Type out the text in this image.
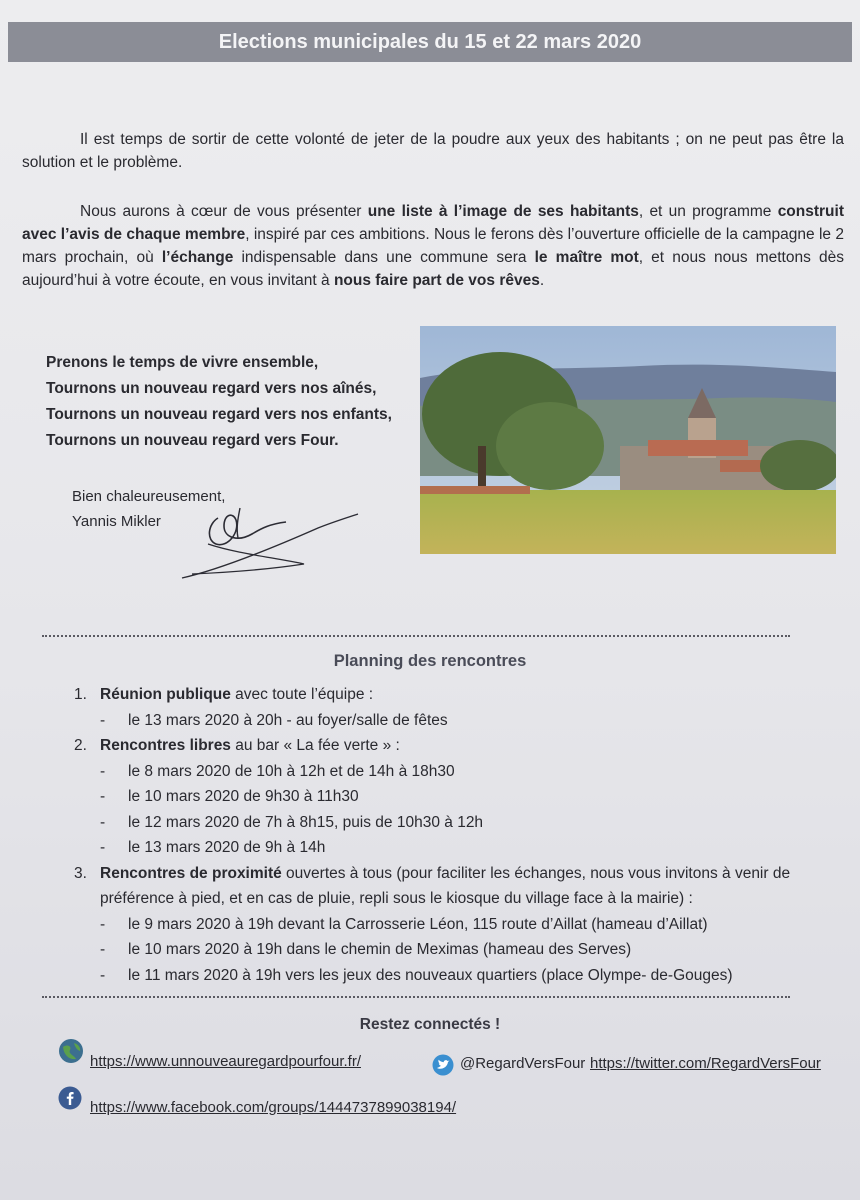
Elections municipales du 15 et 22 mars 2020

Il est temps de sortir de cette volonté de jeter de la poudre aux yeux des habitants ; on ne peut pas être la solution et le problème.

Nous aurons à cœur de vous présenter une liste à l’image de ses habitants, et un programme construit avec l’avis de chaque membre, inspiré par ces ambitions. Nous le ferons dès l’ouverture officielle de la campagne le 2 mars prochain, où l’échange indispensable dans une commune sera le maître mot, et nous nous mettons dès aujourd’hui à votre écoute, en vous invitant à nous faire part de vos rêves.

Prenons le temps de vivre ensemble,
Tournons un nouveau regard vers nos aînés,
Tournons un nouveau regard vers nos enfants,
Tournons un nouveau regard vers Four.
Bien chaleureusement,
Yannis Mikler
Planning des rencontres
1. Réunion publique avec toute l’équipe :
-	le 13 mars 2020 à 20h - au foyer/salle de fêtes
2. Rencontres libres au bar « La fée verte » :
-	le 8 mars 2020 de 10h à 12h et de 14h à 18h30
-	le 10 mars 2020 de 9h30 à 11h30
-	le 12 mars 2020 de 7h à 8h15, puis de 10h30 à 12h
-	le 13 mars 2020 de 9h à 14h
3. Rencontres de proximité ouvertes à tous (pour faciliter les échanges, nous vous invitons à venir de
préférence à pied, et en cas de pluie, repli sous le kiosque du village face à la mairie) :
-	le 9 mars 2020 à 19h devant la Carrosserie Léon, 115 route d’Aillat (hameau d’Aillat)
-	le 10 mars 2020 à 19h dans le chemin de Meximas (hameau des Serves)
-	le 11 mars 2020 à 19h vers les jeux des nouveaux quartiers (place Olympe- de-Gouges)
Restez connectés !
https://www.unnouveauregardpourfour.fr/	@RegardVersFour https://twitter.com/RegardVersFour
https://www.facebook.com/groups/1444737899038194/
